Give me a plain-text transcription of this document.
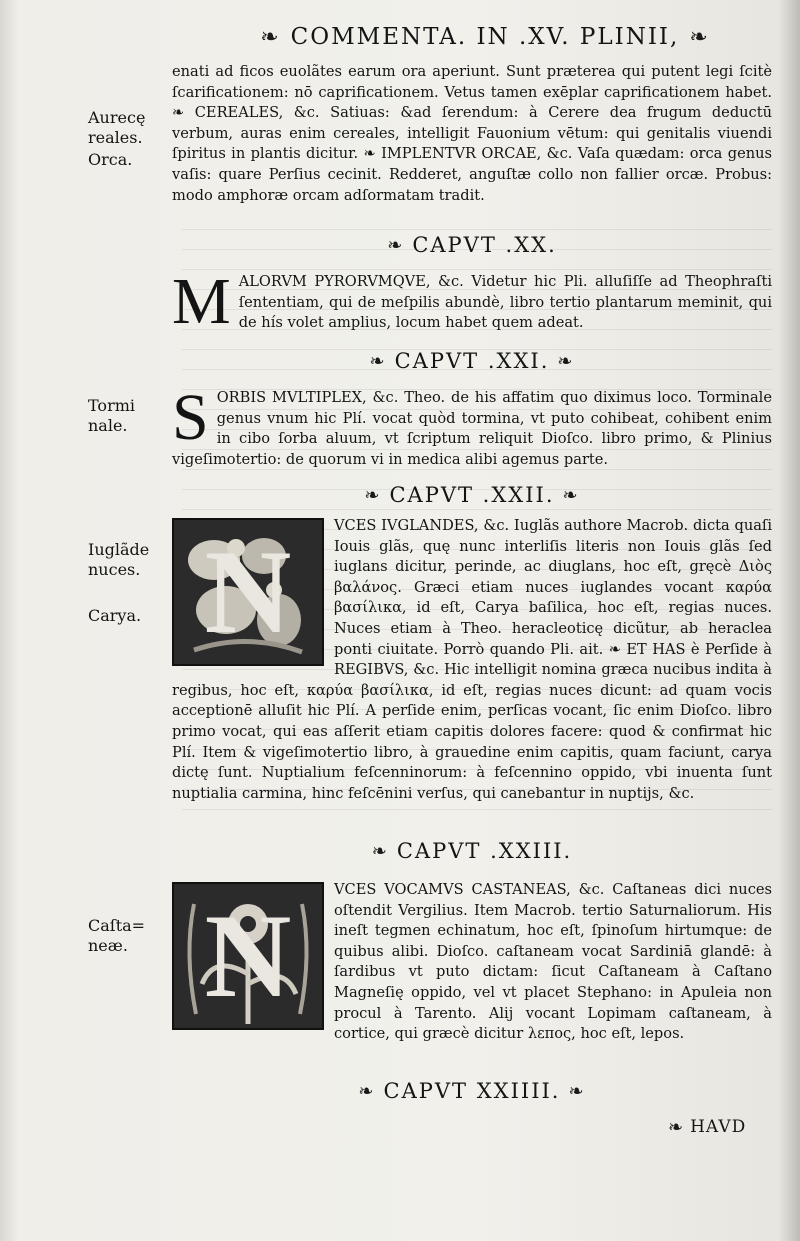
❧ COMMENTA. IN .XV. PLINII, ❧

enati ad ficos euolãtes earum ora aperiunt. Sunt præterea qui putent legi ſcitè ſcarificationem: nō caprificationem. Vetus tamen exēplar caprificationem habet. ❧ CEREALES, &c. Satiuas: &ad ſerendum: à Cerere dea frugum deductū verbum, auras enim cereales, intelligit Fauonium vētum: qui genitalis viuendi ſpiritus in plantis dicitur. ❧ IMPLENTVR ORCAE, &c. Vaſa quædam: orca genus vaſis: quare Perſius cecinit. Redderet, anguſtæ collo non fallier orcæ. Probus: modo amphoræ orcam adſormatam tradit.

Aurecę reales.
Orca.
❧ CAPVT .XX.
M ALORVM PYRORVMQVE, &c. Videtur hic Pli. alluſiſſe ad Theophraſti ſententiam, qui de meſpilis abundè, libro tertio plantarum meminit, qui de hís volet amplius, locum habet quem adeat.

❧ CAPVT .XXI. ❧
S ORBIS MVLTIPLEX, &c. Theo. de his affatim quo diximus loco. Torminale genus vnum hic Plí. vocat quòd tormina, vt puto cohibeat, cohibent enim in cibo ſorba aluum, vt ſcriptum reliquit Dioſco. libro primo, & Plinius vigeſimotertio: de quorum vi in medica alibi agemus parte.

Tormi nale.
❧ CAPVT .XXII. ❧
N	VCES IVGLANDES, &c. Iuglãs authore Macrob. dicta quaſi Iouis glãs, quę nunc interliſis literis non Iouis glãs ſed iuglans dicitur, perinde, ac diuglans, hoc eſt, gręcè Διὸς βαλάνος. Græci etiam nuces iuglandes vocant καρύα βασίλικα, id eſt, Carya baſilica, hoc eſt, regias nuces. Nuces etiam à Theo. heracleoticę dicũtur, ab heraclea ponti ciuitate. Porrò quando Pli. ait. ❧ ET HAS è Perſide à REGIBVS, &c. Hic intelligit nomina græca nucibus indita à regibus, hoc eſt, καρύα βασίλικα, id eſt, regias nuces dicunt: ad quam vocis acceptionē alluſit hic Plí. A perſide enim, perſicas vocant, ſic enim Dioſco. libro primo vocat, qui eas aſſerit etiam capitis dolores facere: quod & confirmat hic Plí. Item & vigeſimotertio libro, à grauedine enim capitis, quam faciunt, carya dictę ſunt. Nuptialium feſcenninorum: à feſcennino oppido, vbi inuenta ſunt nuptialia carmina, hinc feſcēnini verſus, qui canebantur in nuptijs, &c.

Iuglãde nuces.
Carya.
❧ CAPVT .XXIII.
N	VCES VOCAMVS CASTANEAS, &c. Caſtaneas dici nuces oſtendit Vergilius. Item Macrob. tertio Saturnaliorum. His ineſt tegmen echinatum, hoc eſt, ſpinoſum hirtumque: de quibus alibi. Dioſco. caſtaneam vocat Sardiniā glandē: à ſardibus vt puto dictam: ſicut Caſtaneam à Caſtano Magneſię oppido, vel vt placet Stephano: in Apuleia non procul à Tarento. Alij vocant Lopimam caſtaneam, à cortice, qui græcè dicitur λεπος, hoc eſt, lepos.

Caſta= neæ.
❧ CAPVT XXIIII. ❧
❧ HAVD
